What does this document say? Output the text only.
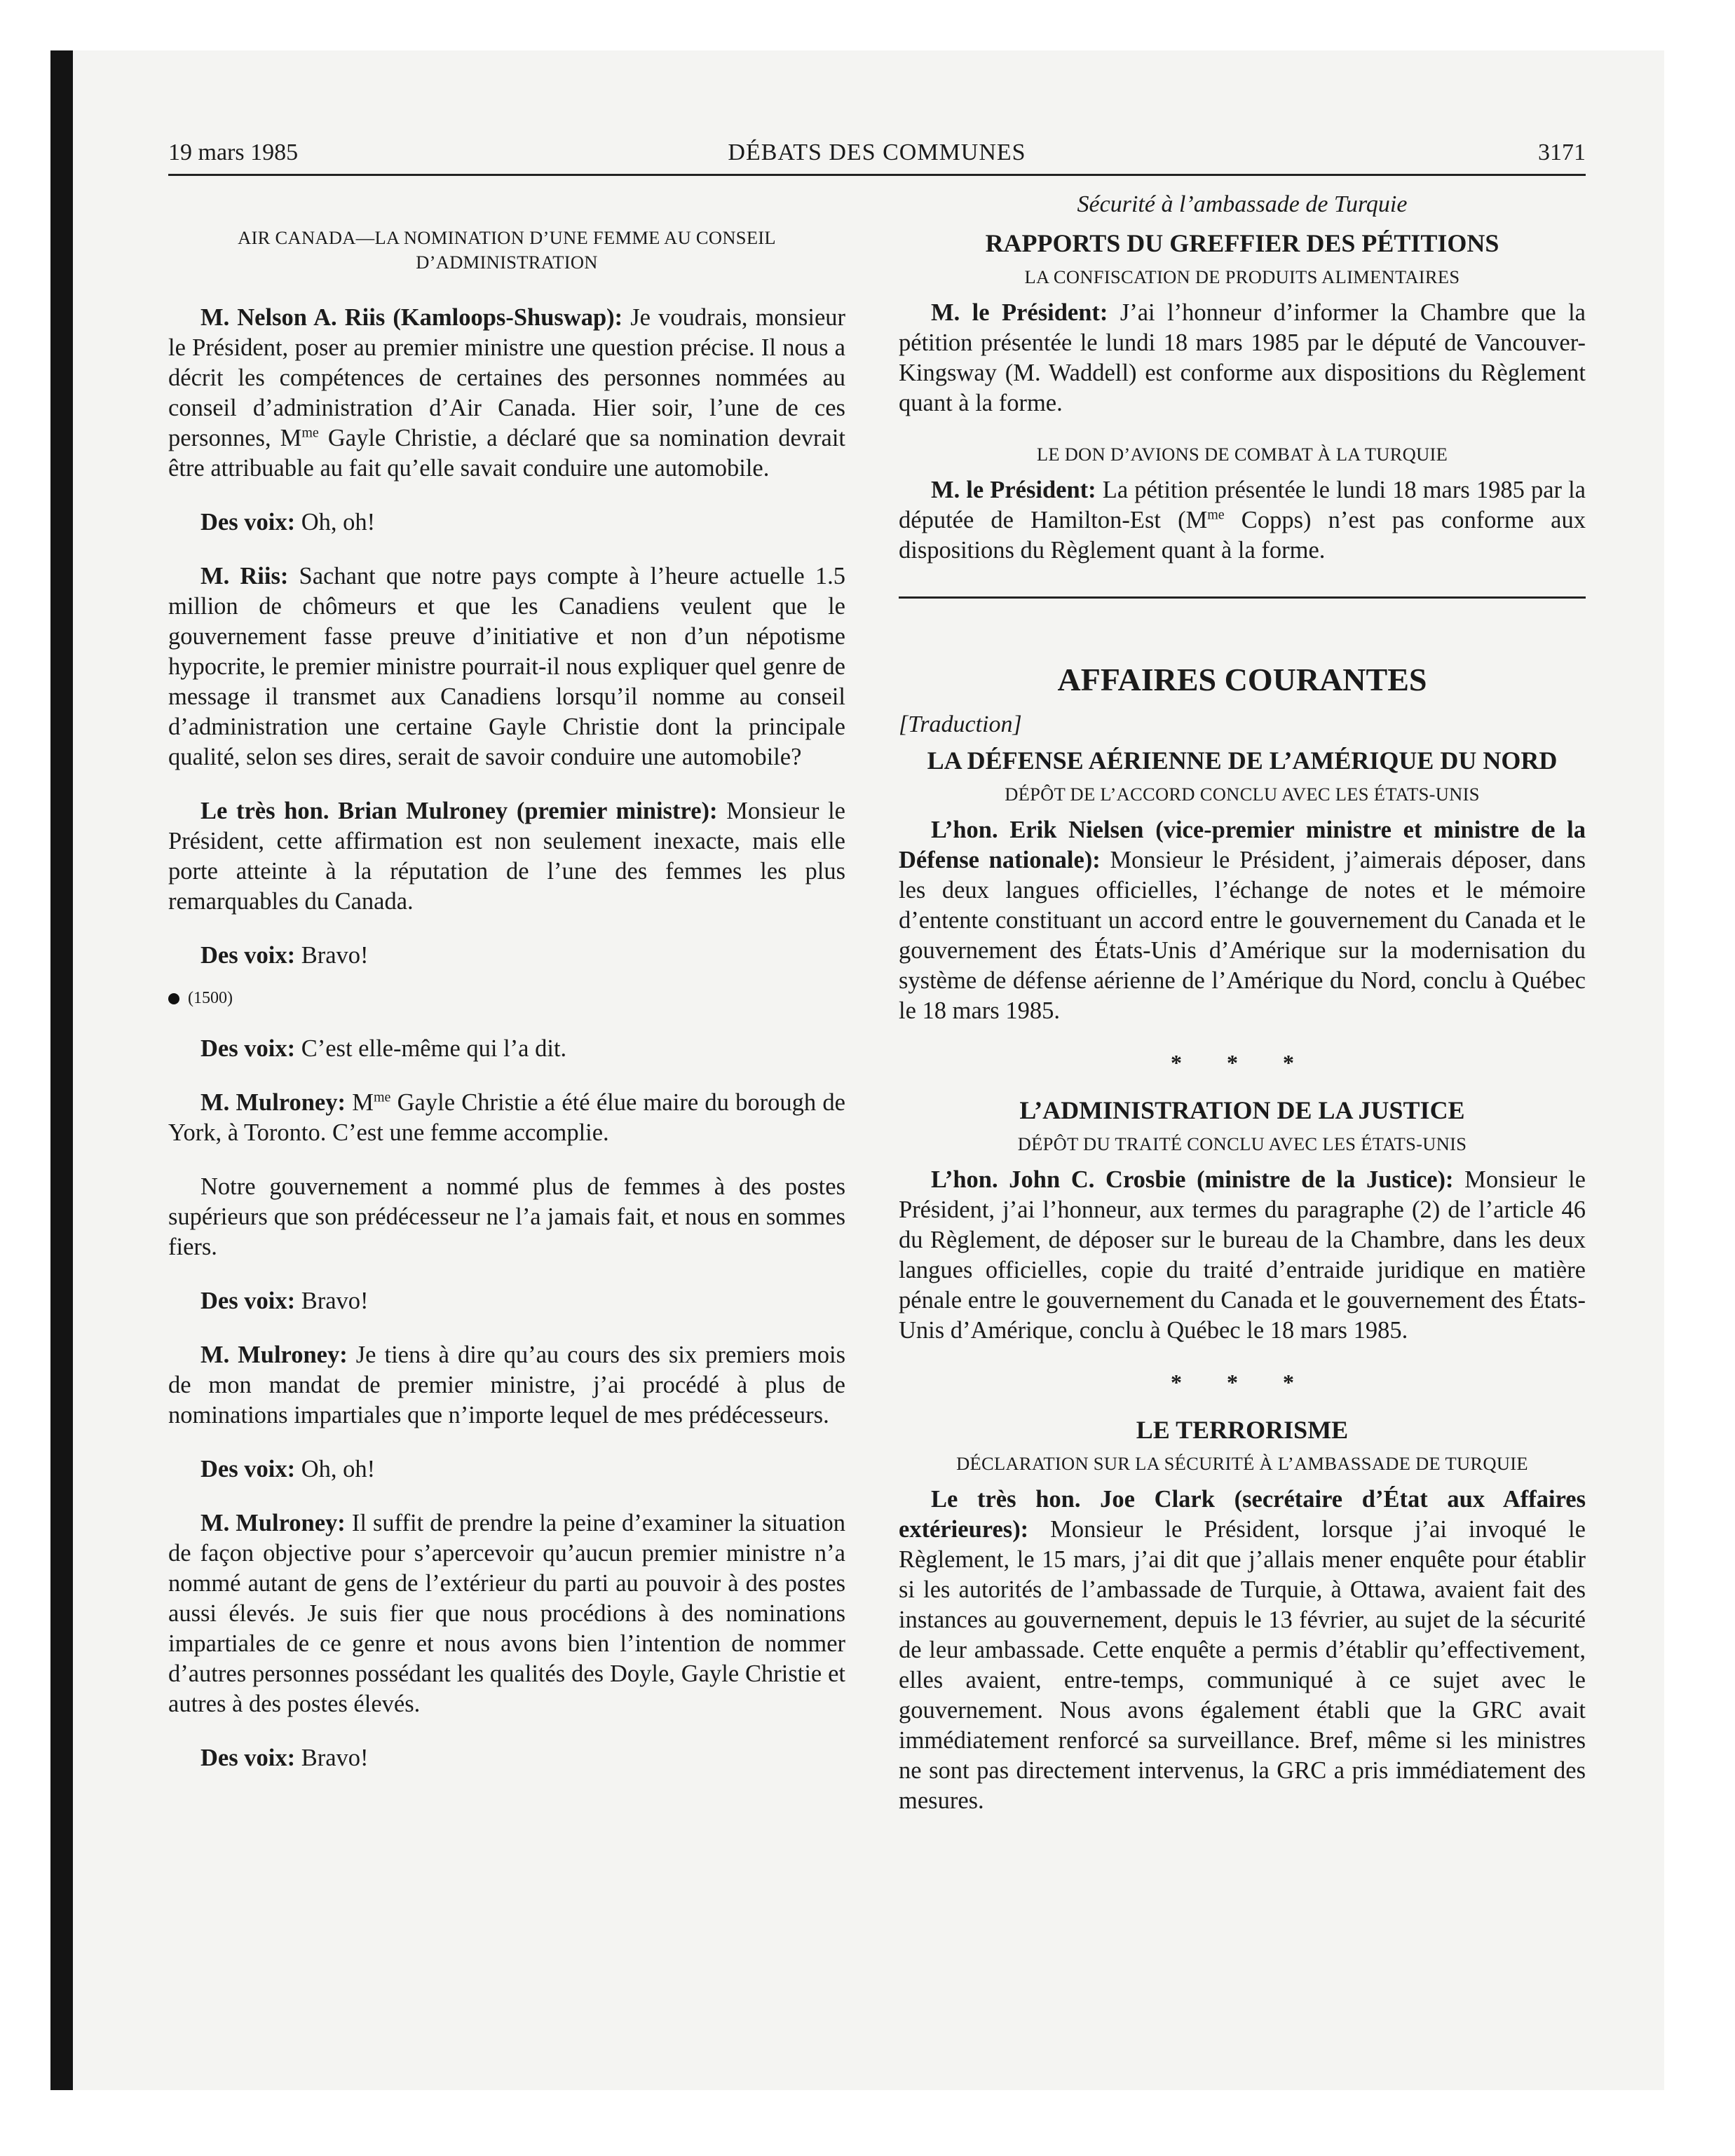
19 mars 1985	DÉBATS DES COMMUNES	3171
AIR CANADA—LA NOMINATION D’UNE FEMME AU CONSEIL
D’ADMINISTRATION

M. Nelson A. Riis (Kamloops-Shuswap): Je voudrais, monsieur le Président, poser au premier ministre une question précise. Il nous a décrit les compétences de certaines des personnes nommées au conseil d’administration d’Air Canada. Hier soir, l’une de ces personnes, $M^{me}$ Gayle Christie, a déclaré que sa nomination devrait être attribuable au fait qu’elle savait conduire une automobile.

Des voix: Oh, oh!

M. Riis: Sachant que notre pays compte à l’heure actuelle 1.5 million de chômeurs et que les Canadiens veulent que le gouvernement fasse preuve d’initiative et non d’un népotisme hypocrite, le premier ministre pourrait-il nous expliquer quel genre de message il transmet aux Canadiens lorsqu’il nomme au conseil d’administration une certaine Gayle Christie dont la principale qualité, selon ses dires, serait de savoir conduire une automobile?

Le très hon. Brian Mulroney (premier ministre): Monsieur le Président, cette affirmation est non seulement inexacte, mais elle porte atteinte à la réputation de l’une des femmes les plus remarquables du Canada.

Des voix: Bravo!

(1500)

Des voix: C’est elle-même qui l’a dit.

M. Mulroney: $M^{me}$ Gayle Christie a été élue maire du borough de York, à Toronto. C’est une femme accomplie.

Notre gouvernement a nommé plus de femmes à des postes supérieurs que son prédécesseur ne l’a jamais fait, et nous en sommes fiers.

Des voix: Bravo!

M. Mulroney: Je tiens à dire qu’au cours des six premiers mois de mon mandat de premier ministre, j’ai procédé à plus de nominations impartiales que n’importe lequel de mes prédécesseurs.

Des voix: Oh, oh!

M. Mulroney: Il suffit de prendre la peine d’examiner la situation de façon objective pour s’apercevoir qu’aucun premier ministre n’a nommé autant de gens de l’extérieur du parti au pouvoir à des postes aussi élevés. Je suis fier que nous procédions à des nominations impartiales de ce genre et nous avons bien l’intention de nommer d’autres personnes possédant les qualités des Doyle, Gayle Christie et autres à des postes élevés.

Des voix: Bravo!

Sécurité à l’ambassade de Turquie
RAPPORTS DU GREFFIER DES PÉTITIONS
LA CONFISCATION DE PRODUITS ALIMENTAIRES

M. le Président: J’ai l’honneur d’informer la Chambre que la pétition présentée le lundi 18 mars 1985 par le député de Vancouver-Kingsway (M. Waddell) est conforme aux dispositions du Règlement quant à la forme.

LE DON D’AVIONS DE COMBAT À LA TURQUIE

M. le Président: La pétition présentée le lundi 18 mars 1985 par la députée de Hamilton-Est ($M^{me}$ Copps) n’est pas conforme aux dispositions du Règlement quant à la forme.

AFFAIRES COURANTES
[Traduction]
LA DÉFENSE AÉRIENNE DE L’AMÉRIQUE DU NORD
DÉPÔT DE L’ACCORD CONCLU AVEC LES ÉTATS-UNIS

L’hon. Erik Nielsen (vice-premier ministre et ministre de la Défense nationale): Monsieur le Président, j’aimerais déposer, dans les deux langues officielles, l’échange de notes et le mémoire d’entente constituant un accord entre le gouvernement du Canada et le gouvernement des États-Unis d’Amérique sur la modernisation du système de défense aérienne de l’Amérique du Nord, conclu à Québec le 18 mars 1985.

* * *
L’ADMINISTRATION DE LA JUSTICE
DÉPÔT DU TRAITÉ CONCLU AVEC LES ÉTATS-UNIS

L’hon. John C. Crosbie (ministre de la Justice): Monsieur le Président, j’ai l’honneur, aux termes du paragraphe (2) de l’article 46 du Règlement, de déposer sur le bureau de la Chambre, dans les deux langues officielles, copie du traité d’entraide juridique en matière pénale entre le gouvernement du Canada et le gouvernement des États-Unis d’Amérique, conclu à Québec le 18 mars 1985.

* * *
LE TERRORISME
DÉCLARATION SUR LA SÉCURITÉ À L’AMBASSADE DE TURQUIE

Le très hon. Joe Clark (secrétaire d’État aux Affaires extérieures): Monsieur le Président, lorsque j’ai invoqué le Règlement, le 15 mars, j’ai dit que j’allais mener enquête pour établir si les autorités de l’ambassade de Turquie, à Ottawa, avaient fait des instances au gouvernement, depuis le 13 février, au sujet de la sécurité de leur ambassade. Cette enquête a permis d’établir qu’effectivement, elles avaient, entre-temps, communiqué à ce sujet avec le gouvernement. Nous avons également établi que la GRC avait immédiatement renforcé sa surveillance. Bref, même si les ministres ne sont pas directement intervenus, la GRC a pris immédiatement des mesures.
